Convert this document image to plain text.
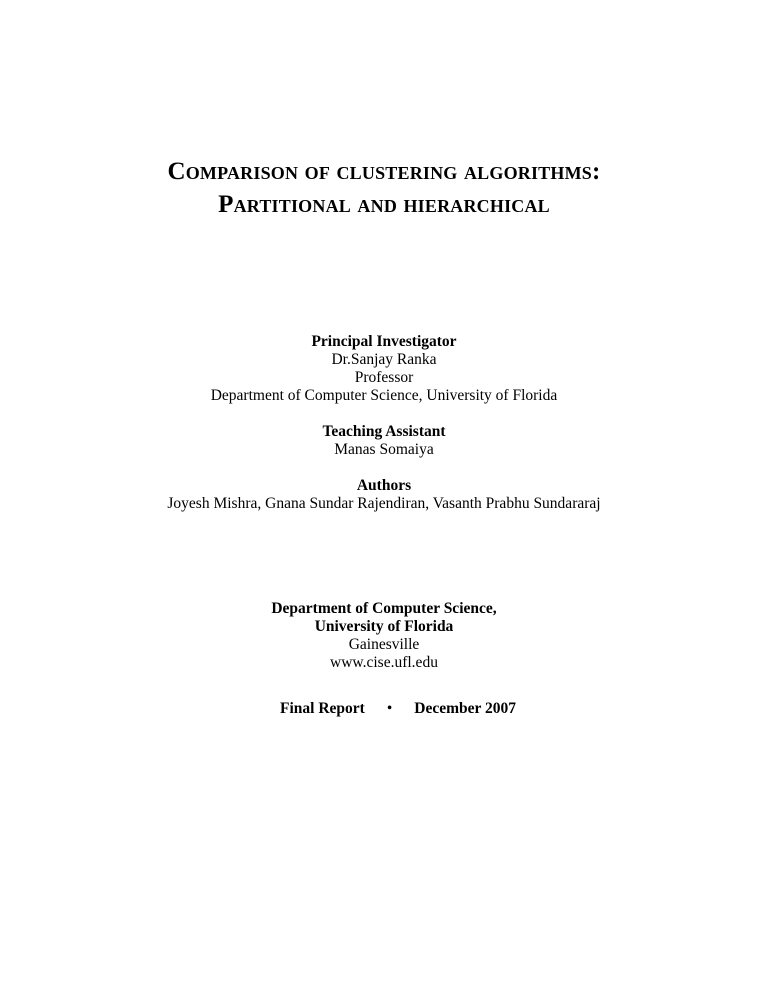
Comparison of clustering algorithms:
Partitional and hierarchical
Principal Investigator
Dr.Sanjay Ranka
Professor
Department of Computer Science, University of Florida
Teaching Assistant
Manas Somaiya
Authors
Joyesh Mishra, Gnana Sundar Rajendiran, Vasanth Prabhu Sundararaj
Department of Computer Science,
University of Florida
Gainesville
www.cise.ufl.edu
Final Report • December 2007
